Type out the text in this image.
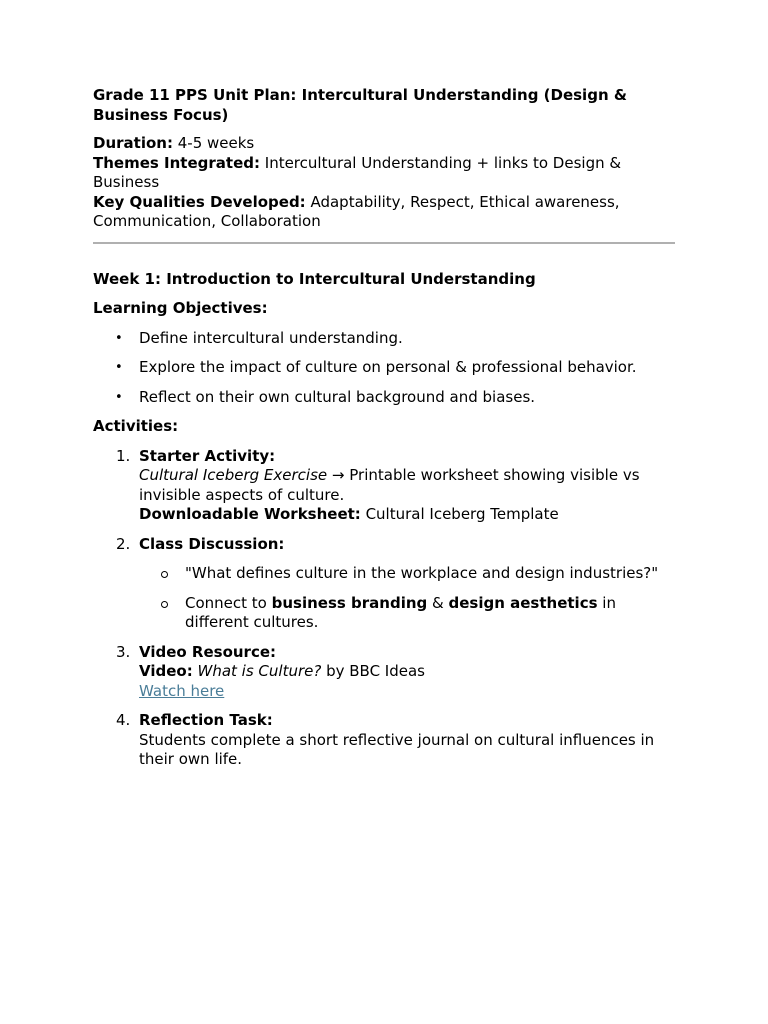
Grade 11 PPS Unit Plan: Intercultural Understanding (Design & Business Focus)

Duration: 4-5 weeks

Themes Integrated: Intercultural Understanding + links to Design & Business

Key Qualities Developed: Adaptability, Respect, Ethical awareness, Communication, Collaboration

Week 1: Introduction to Intercultural Understanding

Learning Objectives:

• Define intercultural understanding.
• Explore the impact of culture on personal & professional behavior.
• Reflect on their own cultural background and biases.

Activities:

1. Starter Activity:
Cultural Iceberg Exercise → Printable worksheet showing visible vs invisible aspects of culture.
Downloadable Worksheet: Cultural Iceberg Template
2. Class Discussion:
"What defines culture in the workplace and design industries?"
Connect to business branding & design aesthetics in different cultures.
3. Video Resource:
Video: What is Culture? by BBC Ideas
Watch here
4. Reflection Task:
Students complete a short reflective journal on cultural influences in their own life.
